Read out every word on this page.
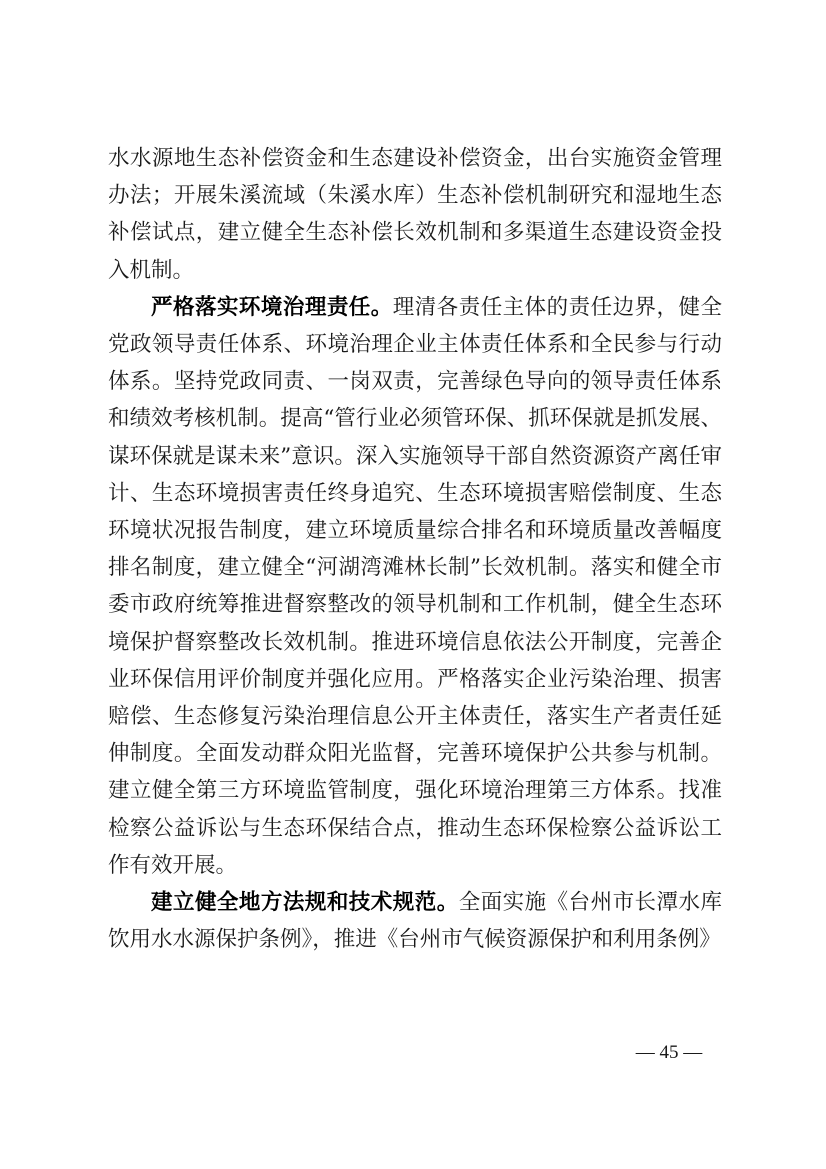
水水源地生态补偿资金和生态建设补偿资金，出台实施资金管理办法；开展朱溪流域（朱溪水库）生态补偿机制研究和湿地生态补偿试点，建立健全生态补偿长效机制和多渠道生态建设资金投入机制。

严格落实环境治理责任。理清各责任主体的责任边界，健全党政领导责任体系、环境治理企业主体责任体系和全民参与行动体系。坚持党政同责、一岗双责，完善绿色导向的领导责任体系和绩效考核机制。提高“管行业必须管环保、抓环保就是抓发展、谋环保就是谋未来”意识。深入实施领导干部自然资源资产离任审计、生态环境损害责任终身追究、生态环境损害赔偿制度、生态环境状况报告制度，建立环境质量综合排名和环境质量改善幅度排名制度，建立健全“河湖湾滩林长制”长效机制。落实和健全市委市政府统筹推进督察整改的领导机制和工作机制，健全生态环境保护督察整改长效机制。推进环境信息依法公开制度，完善企业环保信用评价制度并强化应用。严格落实企业污染治理、损害赔偿、生态修复污染治理信息公开主体责任，落实生产者责任延伸制度。全面发动群众阳光监督，完善环境保护公共参与机制。建立健全第三方环境监管制度，强化环境治理第三方体系。找准检察公益诉讼与生态环保结合点，推动生态环保检察公益诉讼工作有效开展。

建立健全地方法规和技术规范。全面实施《台州市长潭水库饮用水水源保护条例》，推进《台州市气候资源保护和利用条例》

— 45 —
